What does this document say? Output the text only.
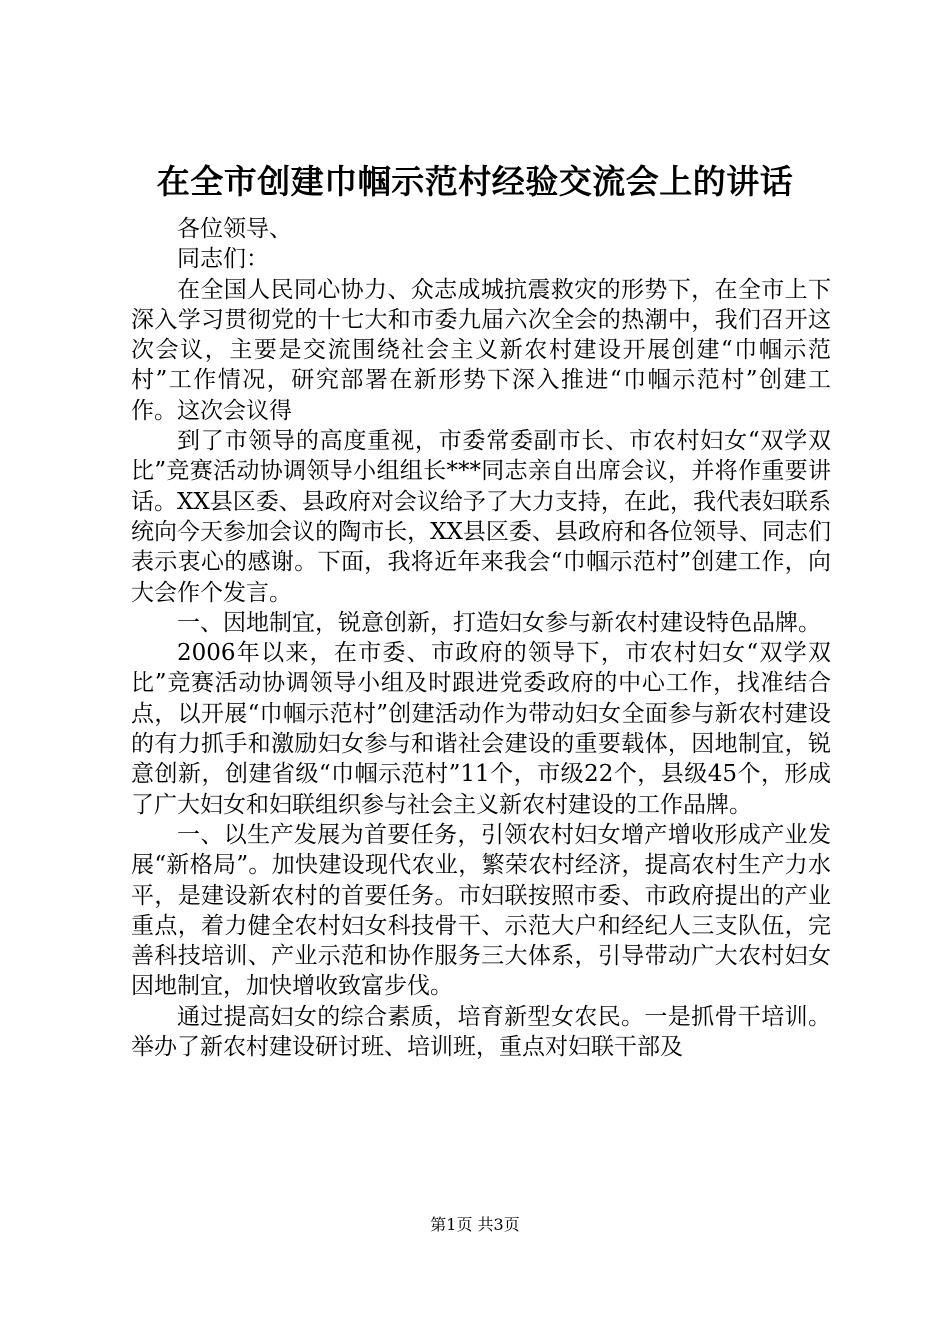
在全市创建巾帼示范村经验交流会上的讲话

各位领导、

同志们：

在全国人民同心协力、众志成城抗震救灾的形势下，在全市上下深入学习贯彻党的十七大和市委九届六次全会的热潮中，我们召开这次会议，主要是交流围绕社会主义新农村建设开展创建“巾帼示范村”工作情况，研究部署在新形势下深入推进“巾帼示范村”创建工作。这次会议得

到了市领导的高度重视，市委常委副市长、市农村妇女“双学双比”竞赛活动协调领导小组组长***同志亲自出席会议，并将作重要讲话。XX县区委、县政府对会议给予了大力支持，在此，我代表妇联系统向今天参加会议的陶市长，XX县区委、县政府和各位领导、同志们表示衷心的感谢。下面，我将近年来我会“巾帼示范村”创建工作，向大会作个发言。

一、因地制宜，锐意创新，打造妇女参与新农村建设特色品牌。

2006年以来，在市委、市政府的领导下，市农村妇女“双学双比”竞赛活动协调领导小组及时跟进党委政府的中心工作，找准结合点，以开展“巾帼示范村”创建活动作为带动妇女全面参与新农村建设的有力抓手和激励妇女参与和谐社会建设的重要载体，因地制宜，锐意创新，创建省级“巾帼示范村”11个，市级22个，县级45个，形成了广大妇女和妇联组织参与社会主义新农村建设的工作品牌。

一、以生产发展为首要任务，引领农村妇女增产增收形成产业发展“新格局”。加快建设现代农业，繁荣农村经济，提高农村生产力水平，是建设新农村的首要任务。市妇联按照市委、市政府提出的产业重点，着力健全农村妇女科技骨干、示范大户和经纪人三支队伍，完善科技培训、产业示范和协作服务三大体系，引导带动广大农村妇女因地制宜，加快增收致富步伐。

通过提高妇女的综合素质，培育新型女农民。一是抓骨干培训。举办了新农村建设研讨班、培训班，重点对妇联干部及

第1页 共3页
